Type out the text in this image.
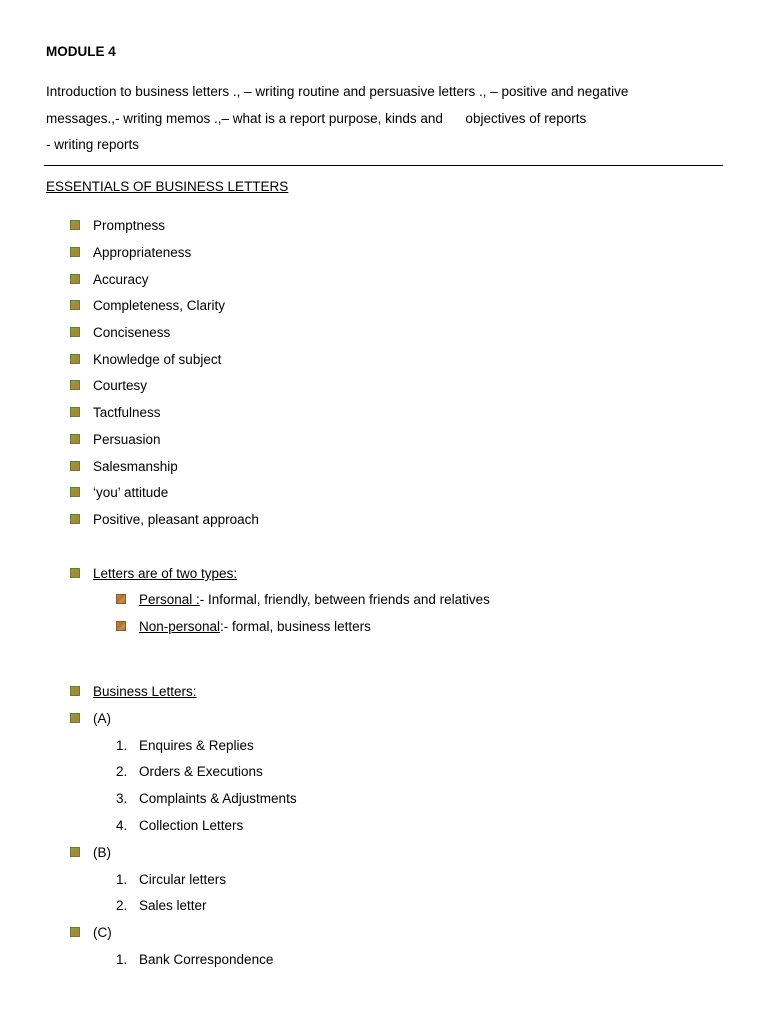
MODULE 4
Introduction to business letters ., – writing routine and persuasive letters ., – positive and negative
messages.,- writing memos .,– what is a report purpose, kinds and      objectives of reports
- writing reports
ESSENTIALS OF BUSINESS LETTERS
Promptness
Appropriateness
Accuracy
Completeness, Clarity
Conciseness
Knowledge of subject
Courtesy
Tactfulness
Persuasion
Salesmanship
‘you’ attitude
Positive, pleasant approach
Letters are of two types:
Personal :- Informal, friendly, between friends and relatives
Non-personal:- formal, business letters
Business Letters:
(A)
1. Enquires & Replies
2. Orders & Executions
3. Complaints & Adjustments
4. Collection Letters
(B)
1. Circular letters
2. Sales letter
(C)
1. Bank Correspondence
